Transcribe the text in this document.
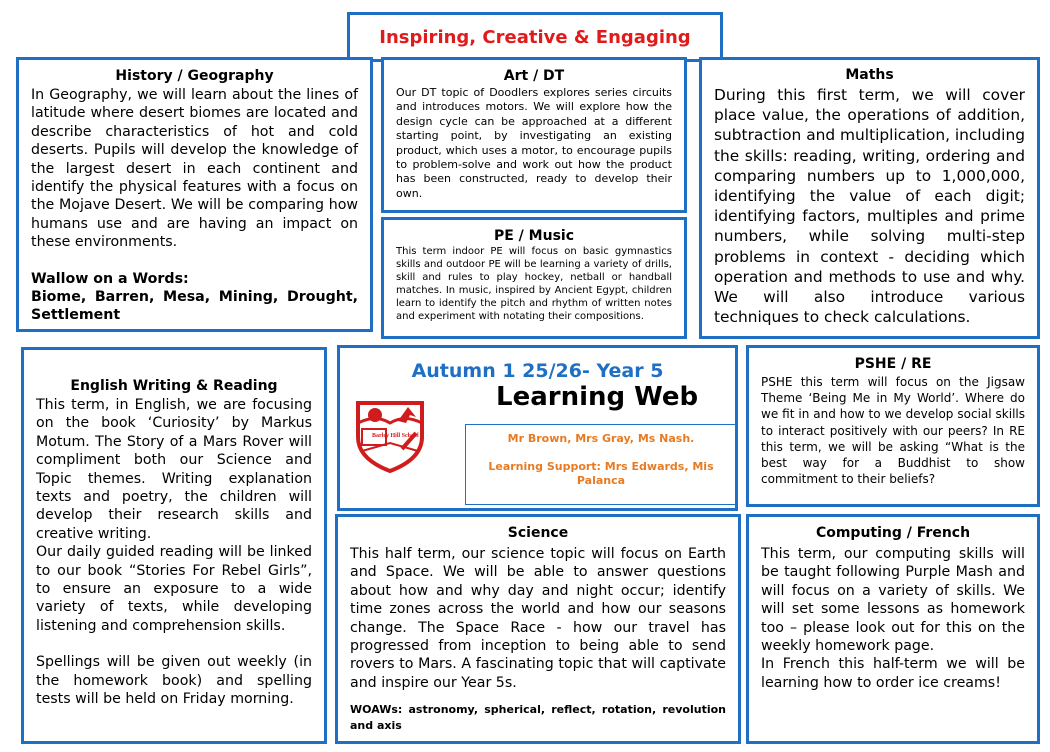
Inspiring, Creative & Engaging
History / Geography

In Geography, we will learn about the lines of latitude where desert biomes are located and describe characteristics of hot and cold deserts. Pupils will develop the knowledge of the largest desert in each continent and identify the physical features with a focus on the Mojave Desert. We will be comparing how humans use and are having an impact on these environments.

Wallow on a Words:

Biome, Barren, Mesa, Mining, Drought, Settlement

Art / DT

Our DT topic of Doodlers explores series circuits and introduces motors. We will explore how the design cycle can be approached at a different starting point, by investigating an existing product, which uses a motor, to encourage pupils to problem-solve and work out how the product has been constructed, ready to develop their own.

PE / Music

This term indoor PE will focus on basic gymnastics skills and outdoor PE will be learning a variety of drills, skill and rules to play hockey, netball or handball matches. In music, inspired by Ancient Egypt, children learn to identify the pitch and rhythm of written notes and experiment with notating their compositions.

Maths

During this first term, we will cover place value, the operations of addition, subtraction and multiplication, including the skills: reading, writing, ordering and comparing numbers up to 1,000,000, identifying the value of each digit; identifying factors, multiples and prime numbers, while solving multi-step problems in context - deciding which operation and methods to use and why. We will also introduce various techniques to check calculations.

English Writing & Reading

This term, in English, we are focusing on the book ‘Curiosity’ by Markus Motum. The Story of a Mars Rover will compliment both our Science and Topic themes. Writing explanation texts and poetry, the children will develop their research skills and creative writing.

Our daily guided reading will be linked to our book “Stories For Rebel Girls”, to ensure an exposure to a wide variety of texts, while developing listening and comprehension skills.

Spellings will be given out weekly (in the homework book) and spelling tests will be held on Friday morning.

Autumn 1 25/26- Year 5
Learning Web
Barley Hill School	Mr Brown, Mrs Gray, Ms Nash.

Learning Support: Mrs Edwards, Mis Palanca

PSHE / RE

PSHE this term will focus on the Jigsaw Theme ‘Being Me in My World’. Where do we fit in and how to we develop social skills to interact positively with our peers? In RE this term, we will be asking “What is the best way for a Buddhist to show commitment to their beliefs?

Science

This half term, our science topic will focus on Earth and Space. We will be able to answer questions about how and why day and night occur; identify time zones across the world and how our seasons change. The Space Race - how our travel has progressed from inception to being able to send rovers to Mars. A fascinating topic that will captivate and inspire our Year 5s.

WOAWs: astronomy, spherical, reflect, rotation, revolution and axis

Computing / French

This term, our computing skills will be taught following Purple Mash and will focus on a variety of skills. We will set some lessons as homework too – please look out for this on the weekly homework page.

In French this half-term we will be learning how to order ice creams!
